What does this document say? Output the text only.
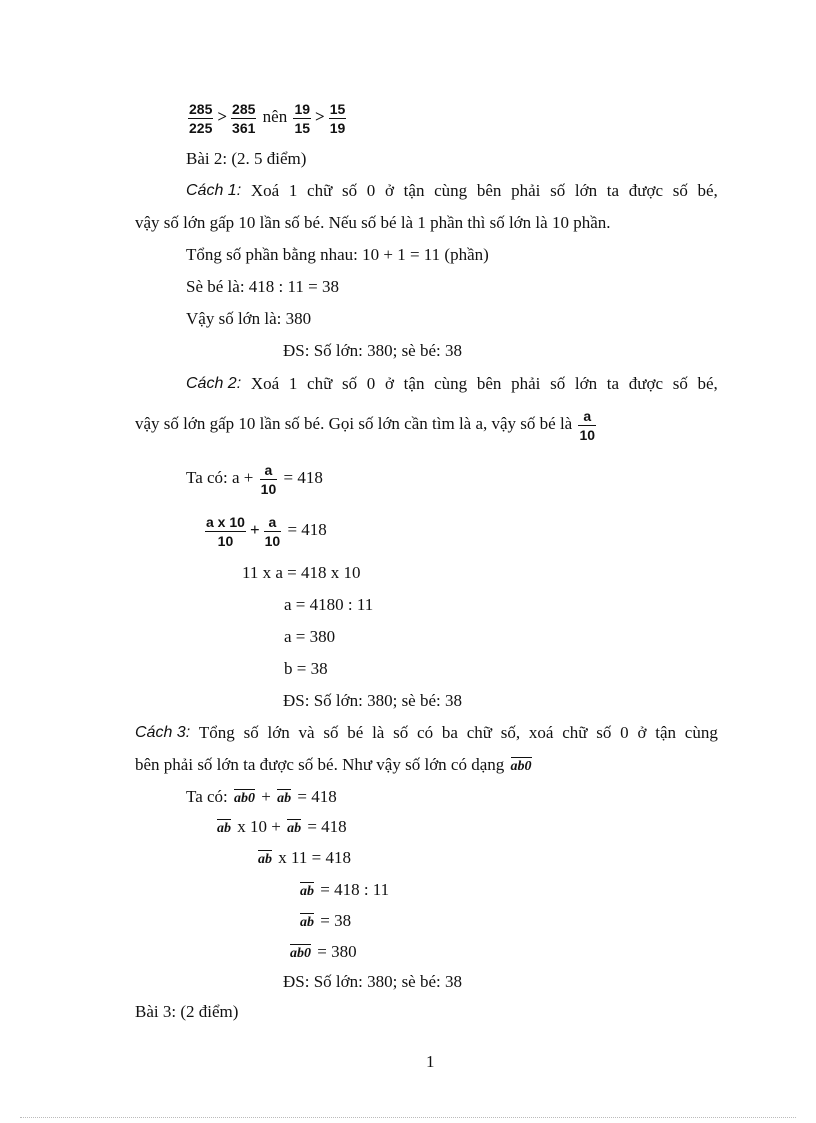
$\frac{285}{225} > \frac{285}{361}$ nên $\frac{19}{15} > \frac{15}{19}$
Bài 2: (2. 5 điểm)
Cách 1: Xoá 1 chữ số 0 ở tận cùng bên phải số lớn ta được số bé,
vậy số lớn gấp 10 lần số bé. Nếu số bé là 1 phần thì số lớn là 10 phần.
Tổng số phần bằng nhau: 10 + 1 = 11 (phần)
Sè bé là: 418 : 11 = 38
Vậy số lớn là: 380
ĐS: Số lớn: 380; sè bé: 38
Cách 2: Xoá 1 chữ số 0 ở tận cùng bên phải số lớn ta được số bé,
vậy số lớn gấp 10 lần số bé. Gọi số lớn cần tìm là a, vậy số bé là $\frac{a}{10}$
Ta có: $a + \frac{a}{10} = 418$
$\frac{\text{a x 10}}{10} + \frac{a}{10} = 418$
11 x a = 418 x 10
a = 4180 : 11
a = 380
b = 38
ĐS: Số lớn: 380; sè bé: 38
Cách 3: Tổng số lớn và số bé là số có ba chữ số, xoá chữ số 0 ở tận cùng
bên phải số lớn ta được số bé. Như vậy số lớn có dạng ab0
Ta có: ab0 + ab = 418
ab x 10 + ab = 418
ab x 11 = 418
ab = 418 : 11
ab = 38
ab0 = 380
ĐS: Số lớn: 380; sè bé: 38
Bài 3: (2 điểm)
1
